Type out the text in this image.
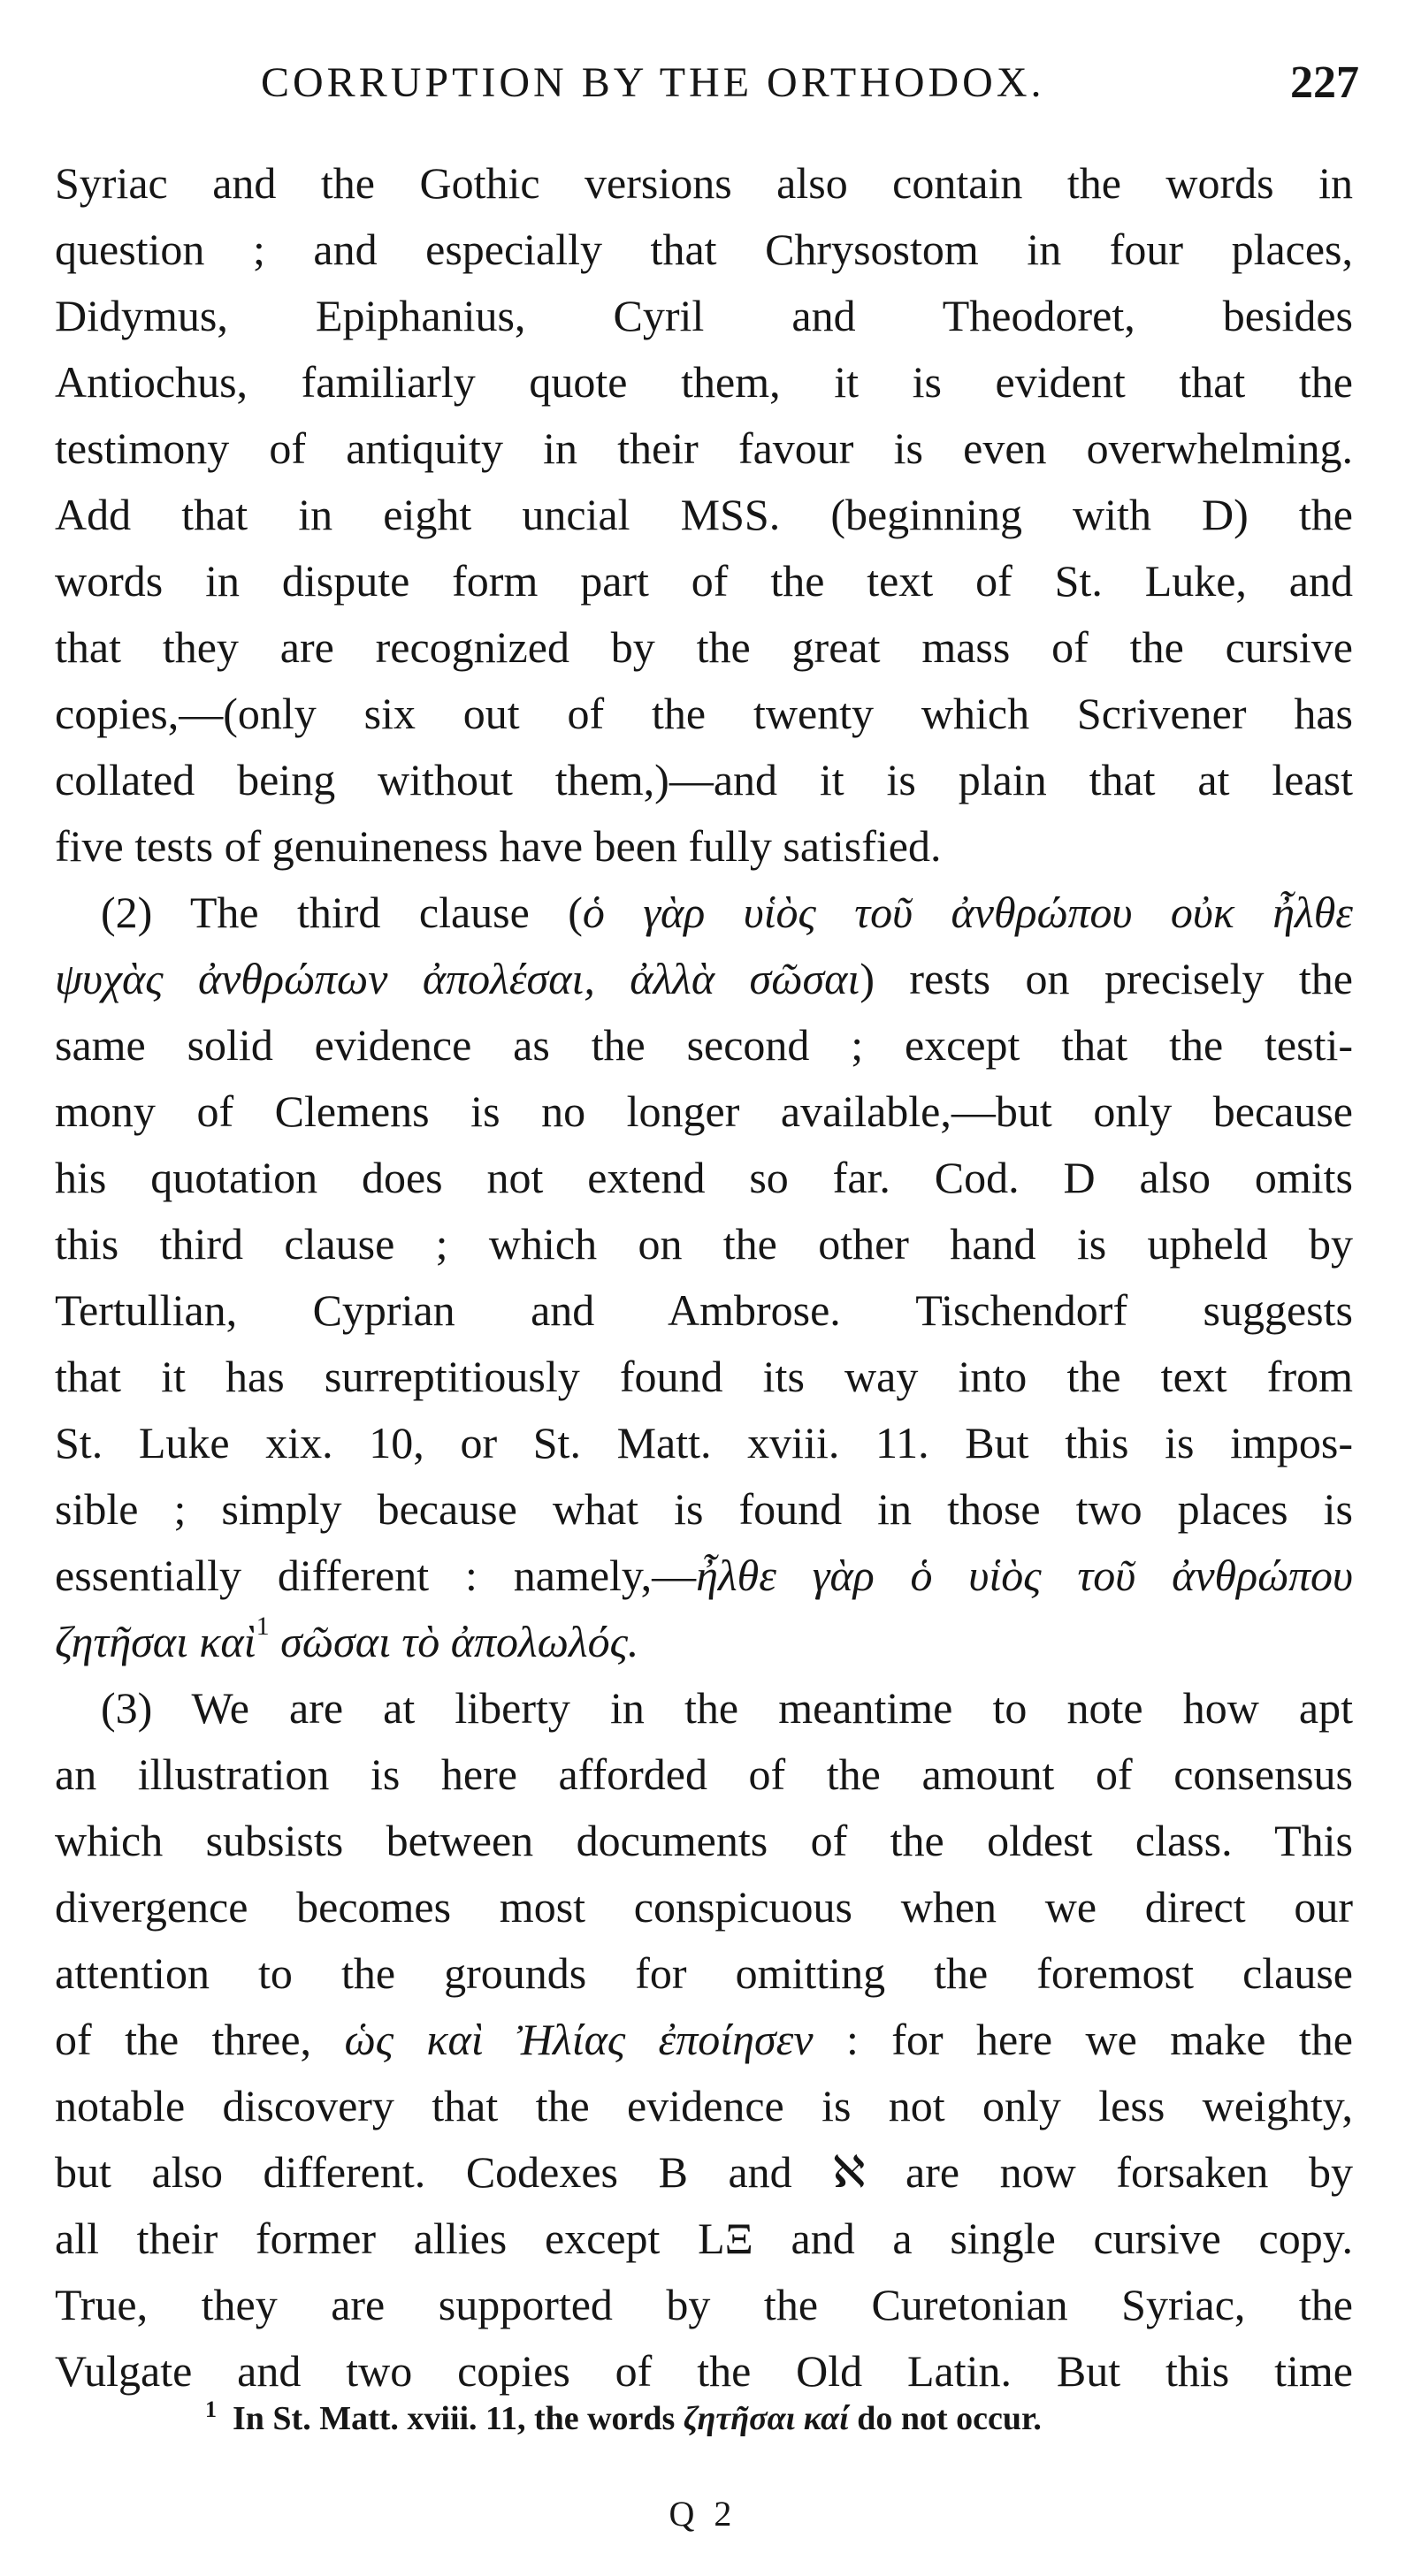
CORRUPTION BY THE ORTHODOX.	227
Syriac and the Gothic versions also contain the words in
question ; and especially that Chrysostom in four places,
Didymus, Epiphanius, Cyril and Theodoret, besides
Antiochus, familiarly quote them, it is evident that the
testimony of antiquity in their favour is even overwhelming.
Add that in eight uncial MSS. (beginning with D) the
words in dispute form part of the text of St. Luke, and
that they are recognized by the great mass of the cursive
copies,—(only six out of the twenty which Scrivener has
collated being without them,)—and it is plain that at least
five tests of genuineness have been fully satisfied.
(2) The third clause (ὁ γὰρ υἱὸς τοῦ ἀνθρώπου οὐκ ἦλθε
ψυχὰς ἀνθρώπων ἀπολέσαι, ἀλλὰ σῶσαι) rests on precisely the
same solid evidence as the second ; except that the testi-
mony of Clemens is no longer available,—but only because
his quotation does not extend so far. Cod. D also omits
this third clause ; which on the other hand is upheld by
Tertullian, Cyprian and Ambrose. Tischendorf suggests
that it has surreptitiously found its way into the text from
St. Luke xix. 10, or St. Matt. xviii. 11. But this is impos-
sible ; simply because what is found in those two places is
essentially different : namely,—ἦλθε γὰρ ὁ υἱὸς τοῦ ἀνθρώπου
ζητῆσαι καὶ$^1$ σῶσαι τὸ ἀπολωλός.
(3) We are at liberty in the meantime to note how apt
an illustration is here afforded of the amount of consensus
which subsists between documents of the oldest class. This
divergence becomes most conspicuous when we direct our
attention to the grounds for omitting the foremost clause
of the three, ὡς καὶ Ἠλίας ἐποίησεν : for here we make the
notable discovery that the evidence is not only less weighty,
but also different. Codexes B and ℵ are now forsaken by
all their former allies except LΞ and a single cursive copy.
True, they are supported by the Curetonian Syriac, the
Vulgate and two copies of the Old Latin. But this time
$^1$ In St. Matt. xviii. 11, the words ζητῆσαι καί do not occur.
Q 2
